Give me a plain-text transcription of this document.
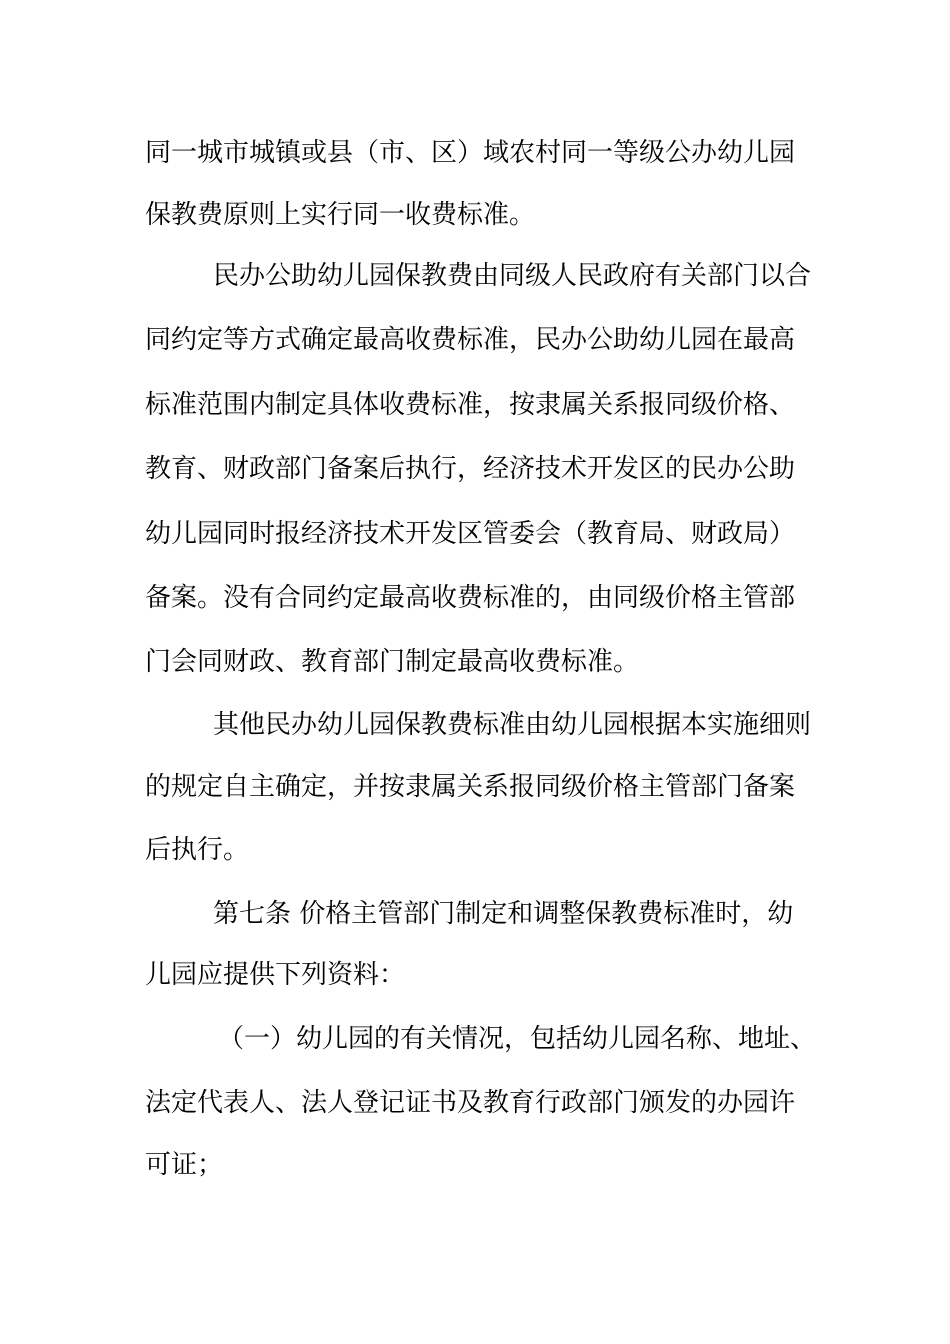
同一城市城镇或县（市、区）域农村同一等级公办幼儿园
保教费原则上实行同一收费标准。
民办公助幼儿园保教费由同级人民政府有关部门以合
同约定等方式确定最高收费标准，民办公助幼儿园在最高
标准范围内制定具体收费标准，按隶属关系报同级价格、
教育、财政部门备案后执行，经济技术开发区的民办公助
幼儿园同时报经济技术开发区管委会（教育局、财政局）
备案。没有合同约定最高收费标准的，由同级价格主管部
门会同财政、教育部门制定最高收费标准。
其他民办幼儿园保教费标准由幼儿园根据本实施细则
的规定自主确定，并按隶属关系报同级价格主管部门备案
后执行。
第七条 价格主管部门制定和调整保教费标准时，幼
儿园应提供下列资料：
（一）幼儿园的有关情况，包括幼儿园名称、地址、
法定代表人、法人登记证书及教育行政部门颁发的办园许
可证；
